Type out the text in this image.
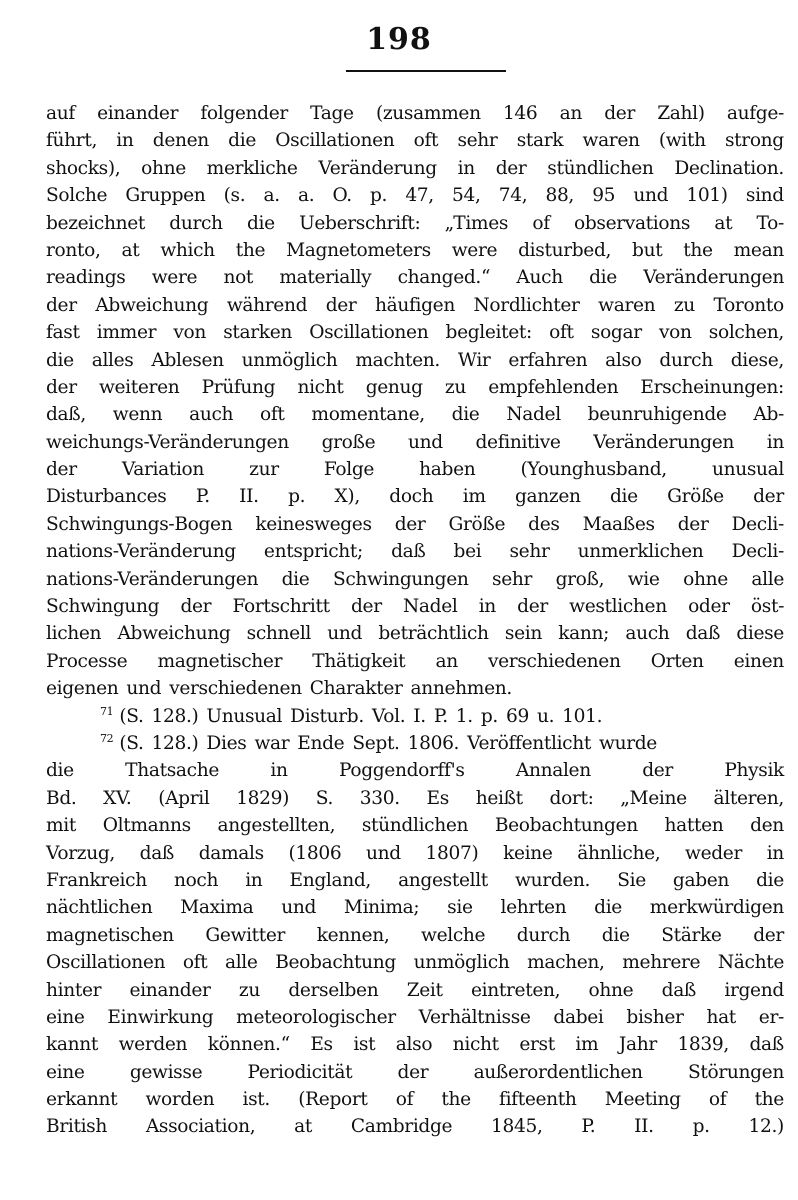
198
auf einander folgender Tage (zusammen 146 an der Zahl) aufge-
führt, in denen die Oscillationen oft sehr stark waren (with strong
shocks), ohne merkliche Veränderung in der stündlichen Declination.
Solche Gruppen (s. a. a. O. p. 47, 54, 74, 88, 95 und 101) sind
bezeichnet durch die Ueberschrift: „Times of observations at To-
ronto, at which the Magnetometers were disturbed, but the mean
readings were not materially changed.“ Auch die Veränderungen
der Abweichung während der häufigen Nordlichter waren zu Toronto
fast immer von starken Oscillationen begleitet: oft sogar von solchen,
die alles Ablesen unmöglich machten. Wir erfahren also durch diese,
der weiteren Prüfung nicht genug zu empfehlenden Erscheinungen:
daß, wenn auch oft momentane, die Nadel beunruhigende Ab-
weichungs-Veränderungen große und definitive Veränderungen in
der Variation zur Folge haben (Younghusband, unusual
Disturbances P. II. p. X), doch im ganzen die Größe der
Schwingungs-Bogen keinesweges der Größe des Maaßes der Decli-
nations-Veränderung entspricht; daß bei sehr unmerklichen Decli-
nations-Veränderungen die Schwingungen sehr groß, wie ohne alle
Schwingung der Fortschritt der Nadel in der westlichen oder öst-
lichen Abweichung schnell und beträchtlich sein kann; auch daß diese
Processe magnetischer Thätigkeit an verschiedenen Orten einen
eigenen und verschiedenen Charakter annehmen.
$^{71}$ (S. 128.) Unusual Disturb. Vol. I. P. 1. p. 69 u. 101.
$^{72}$ (S. 128.) Dies war Ende Sept. 1806. Veröffentlicht wurde
die	Thatsache	in	Poggendorff's	Annalen	der	Physik
Bd. XV. (April 1829) S. 330. Es heißt dort: „Meine älteren,
mit Oltmanns angestellten, stündlichen Beobachtungen hatten den
Vorzug, daß damals (1806 und 1807) keine ähnliche, weder in
Frankreich noch in England, angestellt wurden. Sie gaben die
nächtlichen Maxima und Minima; sie lehrten die merkwürdigen
magnetischen Gewitter kennen, welche durch die Stärke der
Oscillationen oft alle Beobachtung unmöglich machen, mehrere Nächte
hinter einander zu derselben Zeit eintreten, ohne daß irgend
eine Einwirkung meteorologischer Verhältnisse dabei bisher hat er-
kannt werden können.“ Es ist also nicht erst im Jahr 1839, daß
eine gewisse Periodicität der außerordentlichen Störungen
erkannt worden ist. (Report of the fifteenth Meeting of the
British Association, at Cambridge 1845, P. II. p. 12.)
